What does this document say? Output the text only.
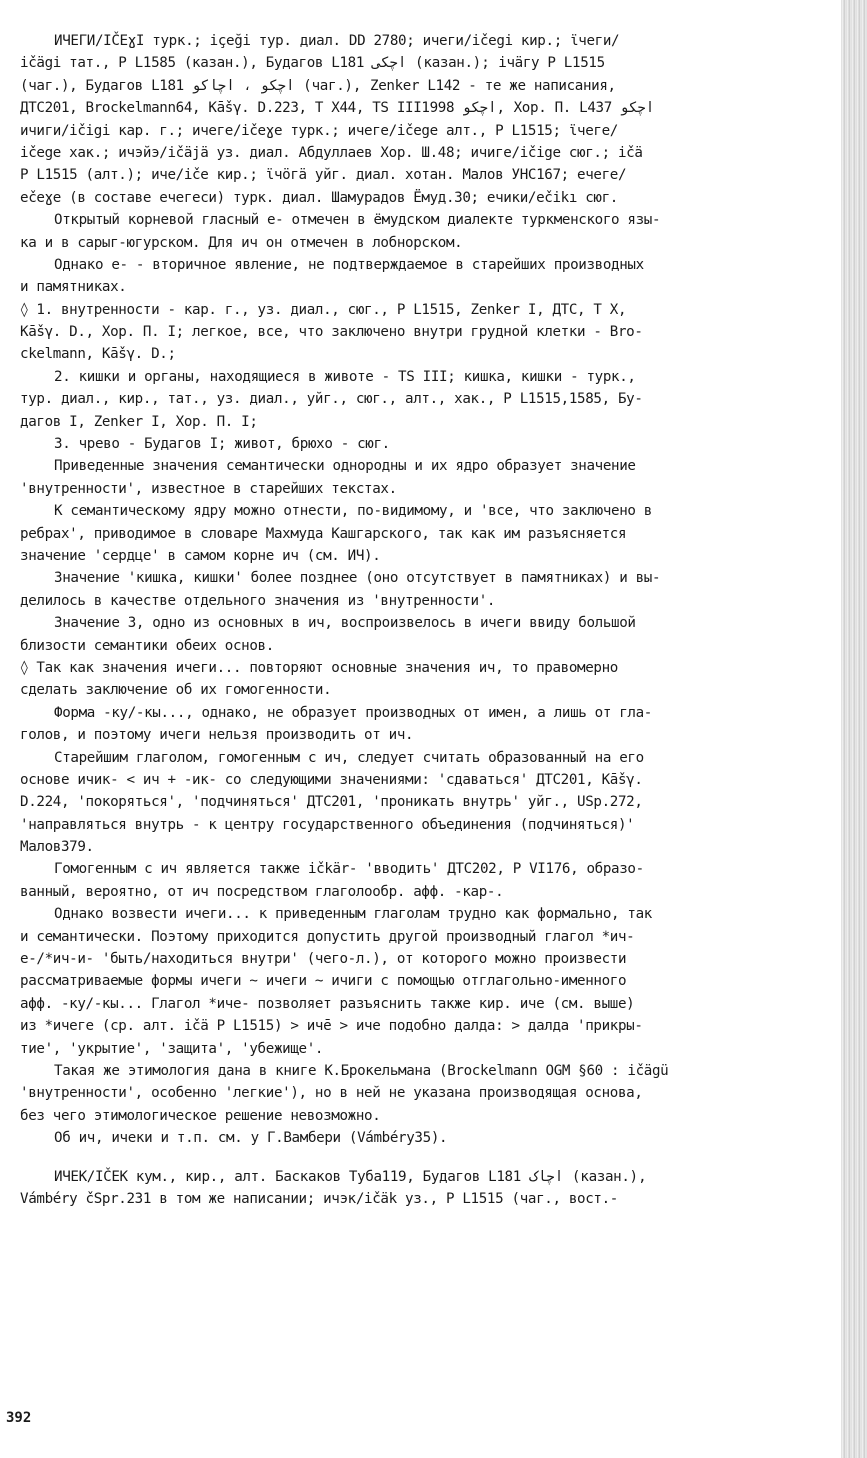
ИЧЕГИ/ІČЕɣІ турк.; içeği тур. диал. DD 2780; ичеги/ičegi кир.; ɩ̈чеги/
ičägi тат., Р L1585 (казан.), Будагов L181 اچکی (казан.); iчäгу Р L1515
(чаг.), Будагов L181 اچکو ، اچاکو (чаг.), Zenker L142 - те же написания,
ДТС201, Brockelmann64, Kāšγ. D.223, Т X44, TS III1998 اچکو, Хор. П. L437 اچکو
ичиги/ičigi кар. г.; ичеге/ičeɣe турк.; ичеге/ičege алт., Р L1515; ɩ̈чеге/
ičege хак.; ичэйэ/ičäjä уз. диал. Абдуллаев Хор. Ш.48; ичиге/ičige сюг.; ičä
Р L1515 (алт.); иче/iče кир.; ɩ̈чöгä уйг. диал. хотан. Малов УНС167; ечеге/
ečeɣe (в составе ечегеси) турк. диал. Шамурадов Ёмуд.30; ечики/ečikı сюг.
Открытый корневой гласный е- отмечен в ёмудском диалекте туркменского язы-
ка и в сарыг-югурском. Для ич он отмечен в лобнорском.
Однако е- - вторичное явление, не подтверждаемое в старейших производных
и памятниках.
◊ 1. внутренности - кар. г., уз. диал., сюг., Р L1515, Zenker I, ДТС, Т X,
Kāšγ. D., Хор. П. I; легкое, все, что заключено внутри грудной клетки - Bro-
ckelmann, Kāšγ. D.;
2. кишки и органы, находящиеся в животе - TS III; кишка, кишки - турк.,
тур. диал., кир., тат., уз. диал., уйг., сюг., алт., хак., Р L1515,1585, Бу-
дагов I, Zenker I, Хор. П. I;
3. чрево - Будагов I; живот, брюхо - сюг.
Приведенные значения семантически однородны и их ядро образует значение
'внутренности', известное в старейших текстах.
К семантическому ядру можно отнести, по-видимому, и 'все, что заключено в
ребрах', приводимое в словаре Махмуда Кашгарского, так как им разъясняется
значение 'сердце' в самом корне ич (см. ИЧ).
Значение 'кишка, кишки' более позднее (оно отсутствует в памятниках) и вы-
делилось в качестве отдельного значения из 'внутренности'.
Значение 3, одно из основных в ич, воспроизвелось в ичеги ввиду большой
близости семантики обеих основ.
◊ Так как значения ичеги... повторяют основные значения ич, то правомерно
сделать заключение об их гомогенности.
Форма -ку/-кы..., однако, не образует производных от имен, а лишь от гла-
голов, и поэтому ичеги нельзя производить от ич.
Старейшим глаголом, гомогенным с ич, следует считать образованный на его
основе ичик- < ич + -ик- со следующими значениями: 'сдаваться' ДТС201, Kāšγ.
D.224, 'покоряться', 'подчиняться' ДТС201, 'проникать внутрь' уйг., USp.272,
'направляться внутрь - к центру государственного объединения (подчиняться)'
Малов379.
Гомогенным с ич является также ičkär- 'вводить' ДТС202, Р VI176, образо-
ванный, вероятно, от ич посредством глаголообр. афф. -кар-.
Однако возвести ичеги... к приведенным глаголам трудно как формально, так
и семантически. Поэтому приходится допустить другой производный глагол *ич-
е-/*ич-и- 'быть/находиться внутри' (чего-л.), от которого можно произвести
рассматриваемые формы ичеги ~ ичеги ~ ичиги с помощью отглагольно-именного
афф. -ку/-кы... Глагол *иче- позволяет разъяснить также кир. иче (см. выше)
из *ичеге (ср. алт. ičä Р L1515) > ичē > иче подобно далда: > далда 'прикры-
тие', 'укрытие', 'защита', 'убежище'.
Такая же этимология дана в книге К.Брокельмана (Brockelmann OGM §60 : ičägü
'внутренности', особенно 'легкие'), но в ней не указана производящая основа,
без чего этимологическое решение невозможно.
Об ич, ичеки и т.п. см. у Г.Вамбери (Vámbéry35).
ИЧЕК/ІČЕК кум., кир., алт. Баскаков Туба119, Будагов L181 اچاک (казан.),
Vámbéry čSpr.231 в том же написании; ичэк/ičäk уз., Р L1515 (чаг., вост.-
392
